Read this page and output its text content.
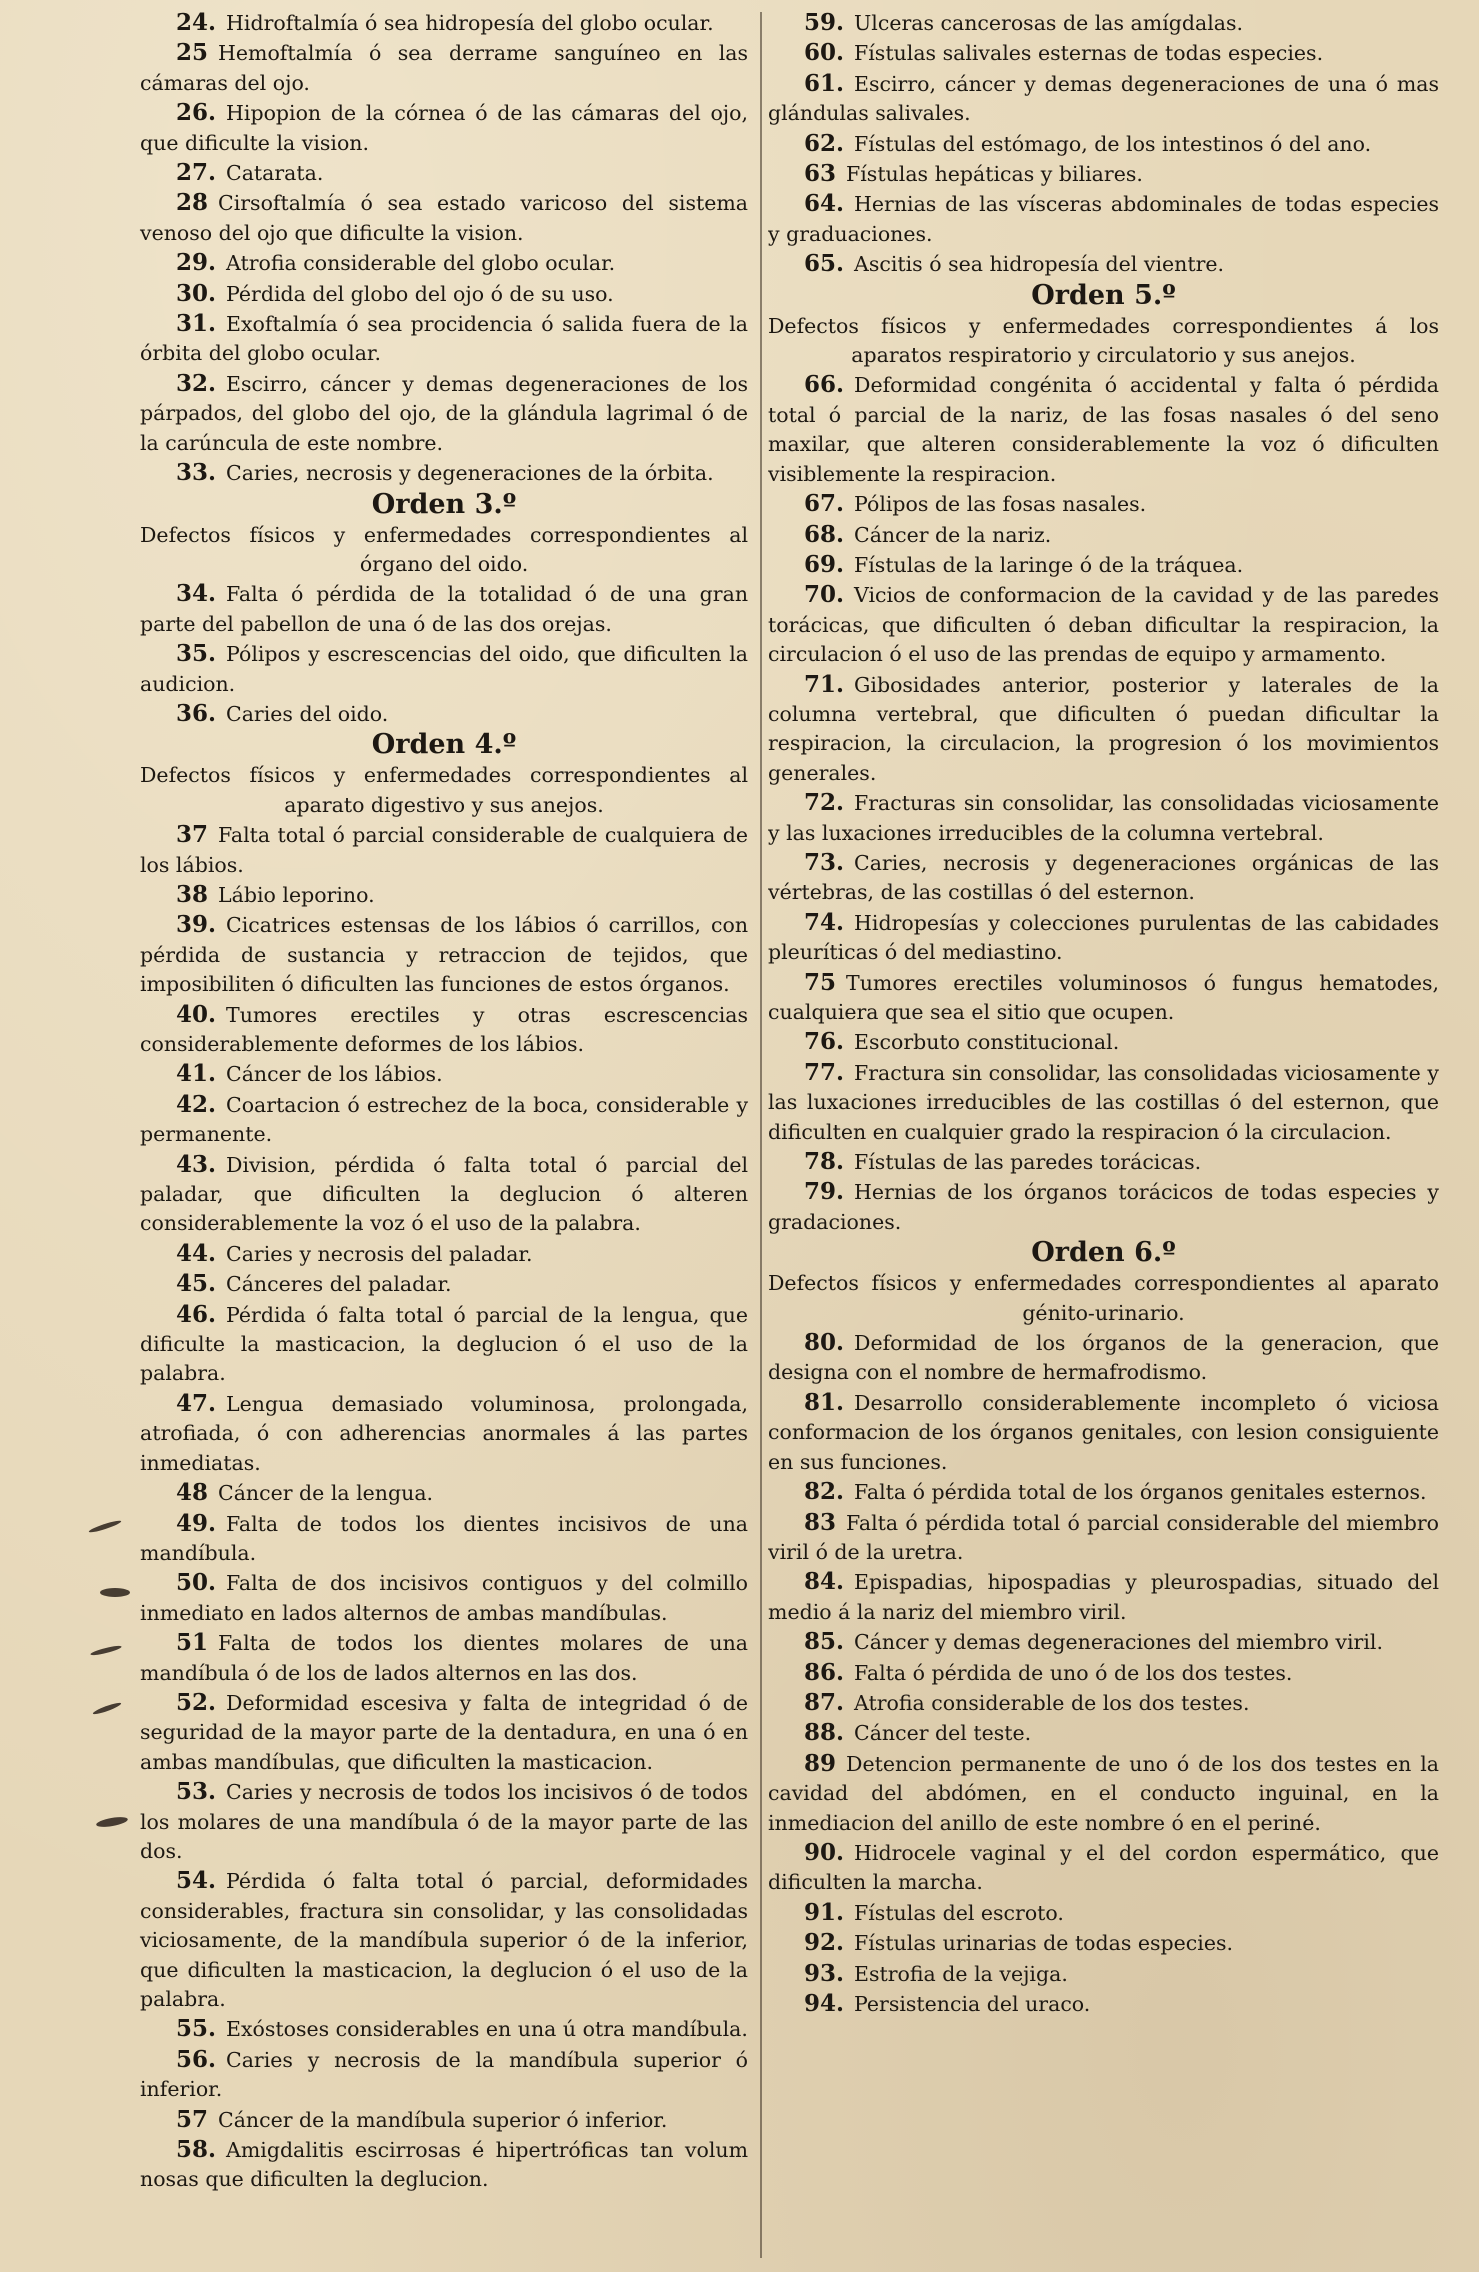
24. Hidroftalmía ó sea hidropesía del globo ocular.

25 Hemoftalmía ó sea derrame sanguíneo en las cámaras del ojo.

26. Hipopion de la córnea ó de las cámaras del ojo, que dificulte la vision.

27. Catarata.

28 Cirsoftalmía ó sea estado varicoso del sistema venoso del ojo que dificulte la vision.

29. Atrofia considerable del globo ocular.

30. Pérdida del globo del ojo ó de su uso.

31. Exoftalmía ó sea procidencia ó salida fuera de la órbita del globo ocular.

32. Escirro, cáncer y demas degeneraciones de los párpados, del globo del ojo, de la glándula lagrimal ó de la carúncula de este nombre.

33. Caries, necrosis y degeneraciones de la órbita.

Orden 3.º

Defectos físicos y enfermedades correspondientes al órgano del oido.

34. Falta ó pérdida de la totalidad ó de una gran parte del pabellon de una ó de las dos orejas.

35. Pólipos y escrescencias del oido, que dificulten la audicion.

36. Caries del oido.

Orden 4.º

Defectos físicos y enfermedades correspondientes al aparato digestivo y sus anejos.

37 Falta total ó parcial considerable de cualquiera de los lábios.

38 Lábio leporino.

39. Cicatrices estensas de los lábios ó carrillos, con pérdida de sustancia y retraccion de tejidos, que imposibiliten ó dificulten las funciones de estos órganos.

40. Tumores erectiles y otras escrescencias considerablemente deformes de los lábios.

41. Cáncer de los lábios.

42. Coartacion ó estrechez de la boca, considerable y permanente.

43. Division, pérdida ó falta total ó parcial del paladar, que dificulten la deglucion ó alteren considerablemente la voz ó el uso de la palabra.

44. Caries y necrosis del paladar.

45. Cánceres del paladar.

46. Pérdida ó falta total ó parcial de la lengua, que dificulte la masticacion, la deglucion ó el uso de la palabra.

47. Lengua demasiado voluminosa, prolongada, atrofiada, ó con adherencias anormales á las partes inmediatas.

48 Cáncer de la lengua.

49. Falta de todos los dientes incisivos de una mandíbula.

50. Falta de dos incisivos contiguos y del colmillo inmediato en lados alternos de ambas mandíbulas.

51 Falta de todos los dientes molares de una mandíbula ó de los de lados alternos en las dos.

52. Deformidad escesiva y falta de integridad ó de seguridad de la mayor parte de la dentadura, en una ó en ambas mandíbulas, que dificulten la masticacion.

53. Caries y necrosis de todos los incisivos ó de todos los molares de una mandíbula ó de la mayor parte de las dos.

54. Pérdida ó falta total ó parcial, deformidades considerables, fractura sin consolidar, y las consolidadas viciosamente, de la mandíbula superior ó de la inferior, que dificulten la masticacion, la deglucion ó el uso de la palabra.

55. Exóstoses considerables en una ú otra mandíbula.

56. Caries y necrosis de la mandíbula superior ó inferior.

57 Cáncer de la mandíbula superior ó inferior.

58. Amigdalitis escirrosas é hipertróficas tan volum nosas que dificulten la deglucion.

59. Ulceras cancerosas de las amígdalas.

60. Fístulas salivales esternas de todas especies.

61. Escirro, cáncer y demas degeneraciones de una ó mas glándulas salivales.

62. Fístulas del estómago, de los intestinos ó del ano.

63 Fístulas hepáticas y biliares.

64. Hernias de las vísceras abdominales de todas especies y graduaciones.

65. Ascitis ó sea hidropesía del vientre.

Orden 5.º

Defectos físicos y enfermedades correspondientes á los aparatos respiratorio y circulatorio y sus anejos.

66. Deformidad congénita ó accidental y falta ó pérdida total ó parcial de la nariz, de las fosas nasales ó del seno maxilar, que alteren considerablemente la voz ó dificulten visiblemente la respiracion.

67. Pólipos de las fosas nasales.

68. Cáncer de la nariz.

69. Fístulas de la laringe ó de la tráquea.

70. Vicios de conformacion de la cavidad y de las paredes torácicas, que dificulten ó deban dificultar la respiracion, la circulacion ó el uso de las prendas de equipo y armamento.

71. Gibosidades anterior, posterior y laterales de la columna vertebral, que dificulten ó puedan dificultar la respiracion, la circulacion, la progresion ó los movimientos generales.

72. Fracturas sin consolidar, las consolidadas viciosamente y las luxaciones irreducibles de la columna vertebral.

73. Caries, necrosis y degeneraciones orgánicas de las vértebras, de las costillas ó del esternon.

74. Hidropesías y colecciones purulentas de las cabidades pleuríticas ó del mediastino.

75 Tumores erectiles voluminosos ó fungus hematodes, cualquiera que sea el sitio que ocupen.

76. Escorbuto constitucional.

77. Fractura sin consolidar, las consolidadas viciosamente y las luxaciones irreducibles de las costillas ó del esternon, que dificulten en cualquier grado la respiracion ó la circulacion.

78. Fístulas de las paredes torácicas.

79. Hernias de los órganos torácicos de todas especies y gradaciones.

Orden 6.º

Defectos físicos y enfermedades correspondientes al aparato génito-urinario.

80. Deformidad de los órganos de la generacion, que designa con el nombre de hermafrodismo.

81. Desarrollo considerablemente incompleto ó viciosa conformacion de los órganos genitales, con lesion consiguiente en sus funciones.

82. Falta ó pérdida total de los órganos genitales esternos.

83 Falta ó pérdida total ó parcial considerable del miembro viril ó de la uretra.

84. Epispadias, hipospadias y pleurospadias, situado del medio á la nariz del miembro viril.

85. Cáncer y demas degeneraciones del miembro viril.

86. Falta ó pérdida de uno ó de los dos testes.

87. Atrofia considerable de los dos testes.

88. Cáncer del teste.

89 Detencion permanente de uno ó de los dos testes en la cavidad del abdómen, en el conducto inguinal, en la inmediacion del anillo de este nombre ó en el periné.

90. Hidrocele vaginal y el del cordon espermático, que dificulten la marcha.

91. Fístulas del escroto.

92. Fístulas urinarias de todas especies.

93. Estrofia de la vejiga.

94. Persistencia del uraco.
